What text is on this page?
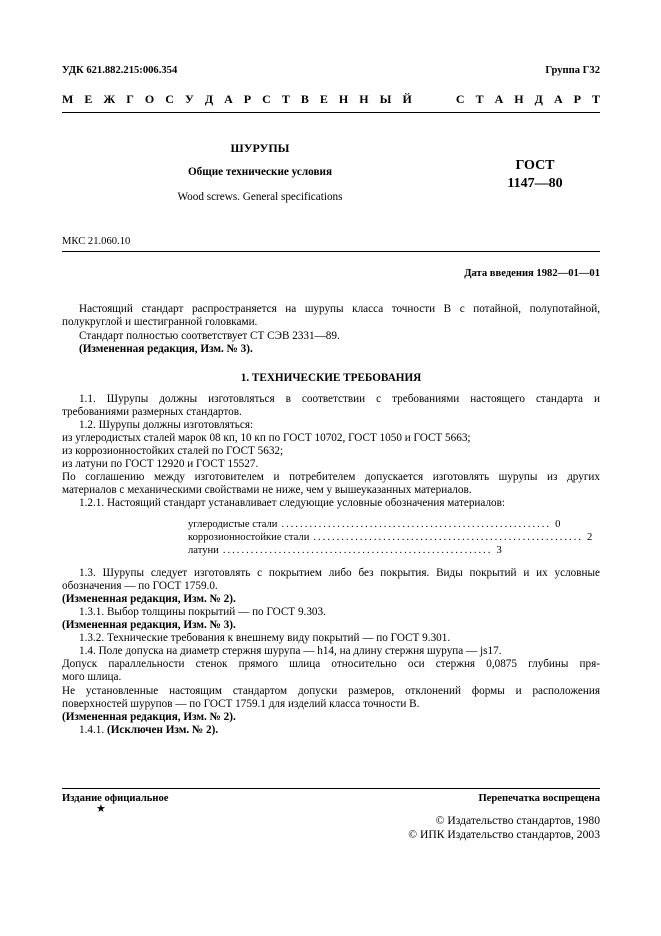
УДК 621.882.215:006.354	Группа Г32
М Е Ж Г О С У Д А Р С Т В Е Н Н Ы Й    С Т А Н Д А Р Т
ШУРУПЫ
Общие технические условия
Wood screws. General specifications
ГОСТ
1147—80
МКС 21.060.10
Дата введения 1982—01—01
Настоящий стандарт распространяется на шурупы класса точности В с потайной, полупотайной,
полукруглой и шестигранной головками.
Стандарт полностью соответствует СТ СЭВ 2331—89.
(Измененная редакция, Изм. № 3).
1. ТЕХНИЧЕСКИЕ ТРЕБОВАНИЯ
1.1. Шурупы должны изготовляться в соответствии с требованиями настоящего стандарта и
требованиями размерных стандартов.
1.2. Шурупы должны изготовляться:
из углеродистых сталей марок 08 кп, 10 кп по ГОСТ 10702, ГОСТ 1050 и ГОСТ 5663;
из коррозионностойких сталей по ГОСТ 5632;
из латуни по ГОСТ 12920 и ГОСТ 15527.
По соглашению между изготовителем и потребителем допускается изготовлять шурупы из других
материалов с механическими свойствами не ниже, чем у вышеуказанных материалов.
1.2.1. Настоящий стандарт устанавливает следующие условные обозначения материалов:
углеродистые стали .......................................................... 0
коррозионностойкие стали .......................................................... 2
латуни .......................................................... 3
1.3. Шурупы следует изготовлять с покрытием либо без покрытия. Виды покрытий и их условные
обозначения — по ГОСТ 1759.0.
(Измененная редакция, Изм. № 2).
1.3.1. Выбор толщины покрытий — по ГОСТ 9.303.
(Измененная редакция, Изм. № 3).
1.3.2. Технические требования к внешнему виду покрытий — по ГОСТ 9.301.
1.4. Поле допуска на диаметр стержня шурупа — h14, на длину стержня шурупа — js17.
Допуск параллельности стенок прямого шлица относительно оси стержня 0,0875 глубины пря-
мого шлица.
Не установленные настоящим стандартом допуски размеров, отклонений формы и расположения
поверхностей шурупов — по ГОСТ 1759.1 для изделий класса точности В.
(Измененная редакция, Изм. № 2).
1.4.1. (Исключен Изм. № 2).
Издание официальное
★
Перепечатка воспрещена
© Издательство стандартов, 1980
© ИПК Издательство стандартов, 2003
